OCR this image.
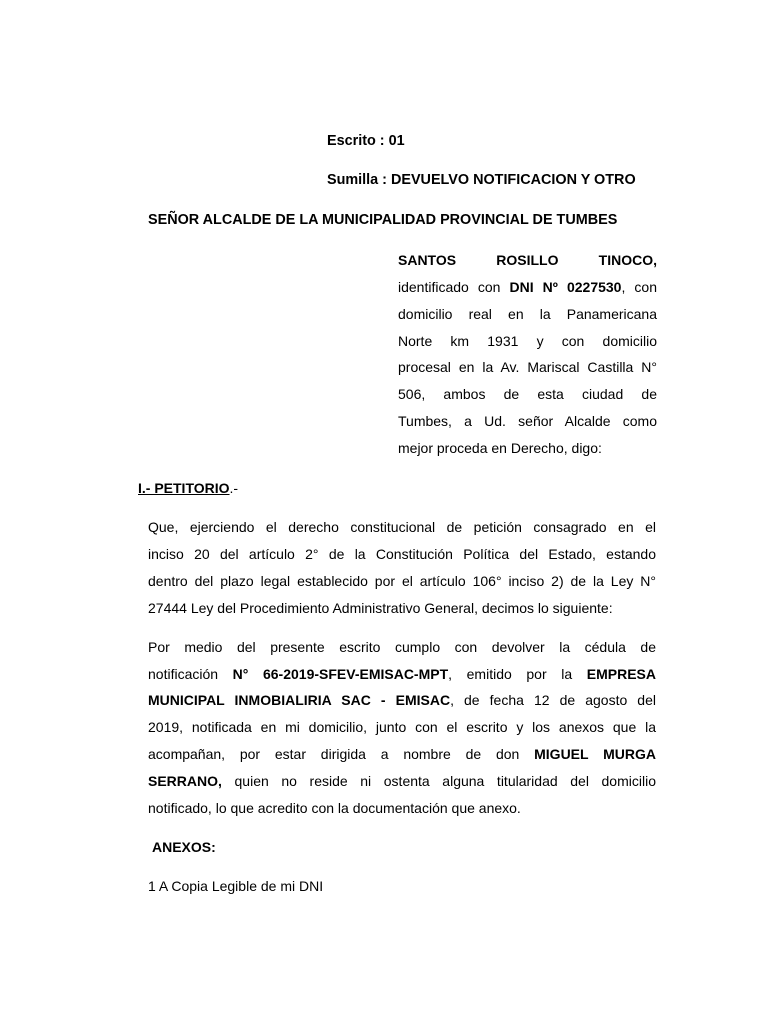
Escrito : 01

Sumilla : DEVUELVO NOTIFICACION Y OTRO

SEÑOR ALCALDE DE LA MUNICIPALIDAD PROVINCIAL DE TUMBES

SANTOS	ROSILLO	TINOCO,

identificado con DNI Nº 0227530, con

domicilio real en la Panamericana

Norte km 1931 y con domicilio

procesal en la Av. Mariscal Castilla N°

506, ambos de esta ciudad de

Tumbes, a Ud. señor Alcalde como

mejor proceda en Derecho, digo:

I.- PETITORIO.-

Que, ejerciendo el derecho constitucional de petición consagrado en el

inciso 20 del artículo 2° de la Constitución Política del Estado, estando

dentro del plazo legal establecido por el artículo 106° inciso 2) de la Ley N°

27444 Ley del Procedimiento Administrativo General, decimos lo siguiente:

Por medio del presente escrito cumplo con devolver la cédula de

notificación N° 66-2019-SFEV-EMISAC-MPT, emitido por la EMPRESA

MUNICIPAL INMOBIALIRIA SAC - EMISAC, de fecha 12 de agosto del

2019, notificada en mi domicilio, junto con el escrito y los anexos que la

acompañan, por estar dirigida a nombre de don MIGUEL MURGA

SERRANO, quien no reside ni ostenta alguna titularidad del domicilio

notificado, lo que acredito con la documentación que anexo.

ANEXOS:

1 A Copia Legible de mi DNI
